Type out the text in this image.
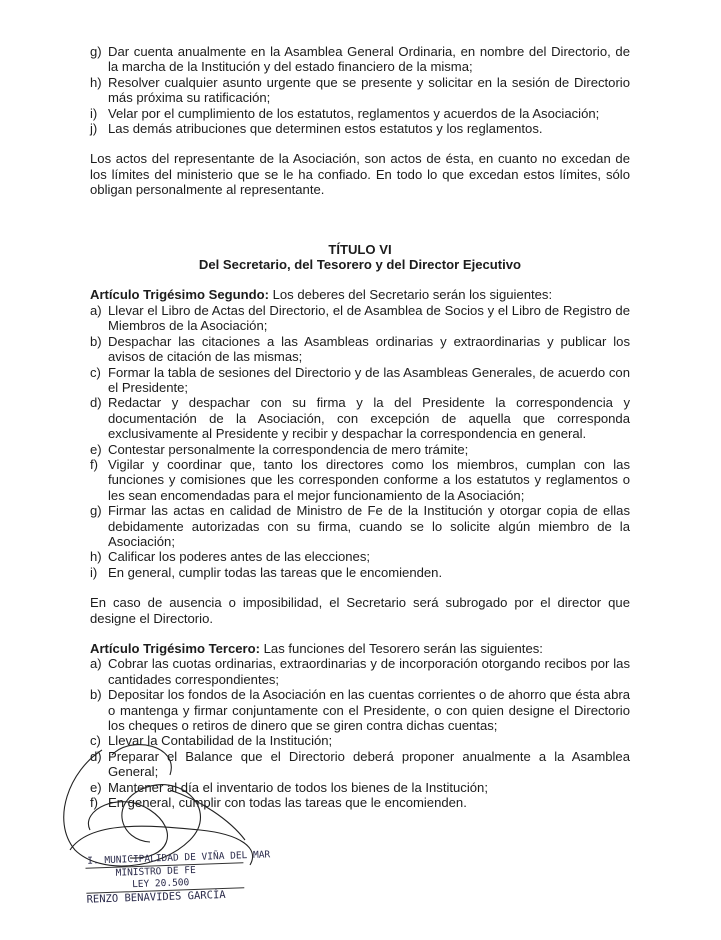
g) Dar cuenta anualmente en la Asamblea General Ordinaria, en nombre del Directorio, de la marcha de la Institución y del estado financiero de la misma;
h) Resolver cualquier asunto urgente que se presente y solicitar en la sesión de Directorio más próxima su ratificación;
i) Velar por el cumplimiento de los estatutos, reglamentos y acuerdos de la Asociación;
j) Las demás atribuciones que determinen estos estatutos y los reglamentos.

Los actos del representante de la Asociación, son actos de ésta, en cuanto no excedan de los límites del ministerio que se le ha confiado. En todo lo que excedan estos límites, sólo obligan personalmente al representante.

TÍTULO VI
Del Secretario, del Tesorero y del Director Ejecutivo

Artículo Trigésimo Segundo: Los deberes del Secretario serán los siguientes:

a) Llevar el Libro de Actas del Directorio, el de Asamblea de Socios y el Libro de Registro de Miembros de la Asociación;
b) Despachar las citaciones a las Asambleas ordinarias y extraordinarias y publicar los avisos de citación de las mismas;
c) Formar la tabla de sesiones del Directorio y de las Asambleas Generales, de acuerdo con el Presidente;
d) Redactar y despachar con su firma y la del Presidente la correspondencia y documentación de la Asociación, con excepción de aquella que corresponda exclusivamente al Presidente y recibir y despachar la correspondencia en general.
e) Contestar personalmente la correspondencia de mero trámite;
f) Vigilar y coordinar que, tanto los directores como los miembros, cumplan con las funciones y comisiones que les corresponden conforme a los estatutos y reglamentos o les sean encomendadas para el mejor funcionamiento de la Asociación;
g) Firmar las actas en calidad de Ministro de Fe de la Institución y otorgar copia de ellas debidamente autorizadas con su firma, cuando se lo solicite algún miembro de la Asociación;
h) Calificar los poderes antes de las elecciones;
i) En general, cumplir todas las tareas que le encomienden.

En caso de ausencia o imposibilidad, el Secretario será subrogado por el director que designe el Directorio.

Artículo Trigésimo Tercero: Las funciones del Tesorero serán las siguientes:

a) Cobrar las cuotas ordinarias, extraordinarias y de incorporación otorgando recibos por las cantidades correspondientes;
b) Depositar los fondos de la Asociación en las cuentas corrientes o de ahorro que ésta abra o mantenga y firmar conjuntamente con el Presidente, o con quien designe el Directorio los cheques o retiros de dinero que se giren contra dichas cuentas;
c) Llevar la Contabilidad de la Institución;
d) Preparar el Balance que el Directorio deberá proponer anualmente a la Asamblea General;
e) Mantener al día el inventario de todos los bienes de la Institución;
f) En general, cumplir con todas las tareas que le encomienden.
I. MUNICIPALIDAD DE VIÑA DEL MAR
MINISTRO DE FE
LEY 20.500
RENZO BENAVIDES GARCÍA
